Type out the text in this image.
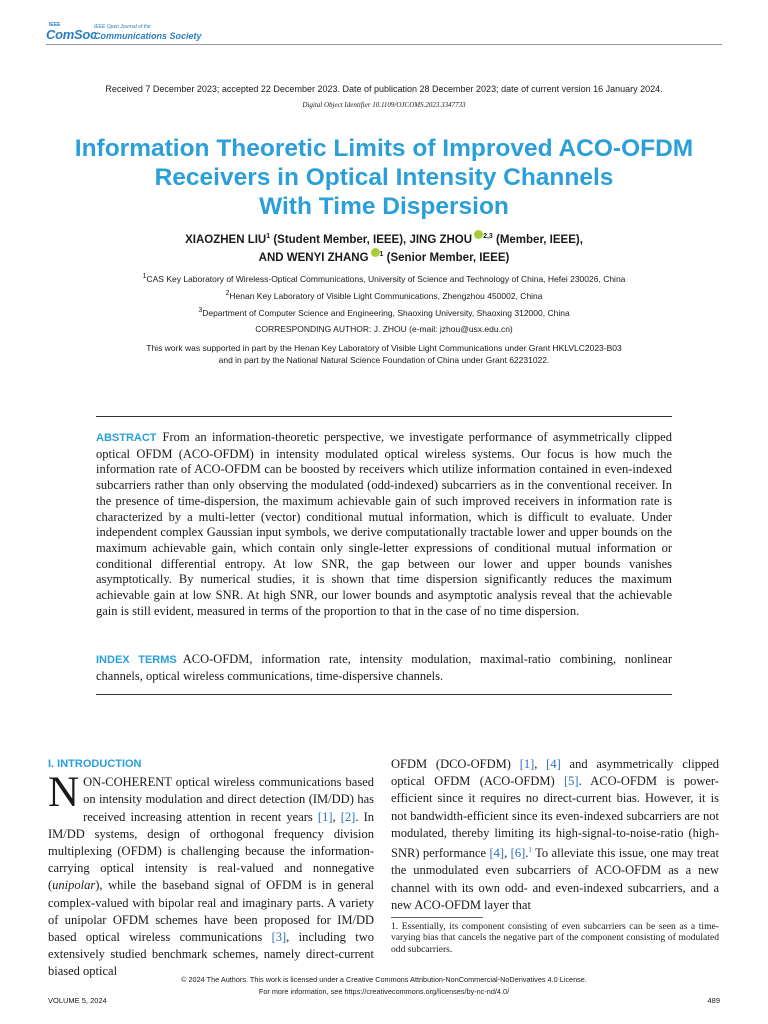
IEEE
ComSoc
IEEE Open Journal of the
Communications Society
Received 7 December 2023; accepted 22 December 2023. Date of publication 28 December 2023; date of current version 16 January 2024.
Digital Object Identifier 10.1109/OJCOMS.2023.3347733
Information Theoretic Limits of Improved ACO-OFDM
Receivers in Optical Intensity Channels
With Time Dispersion
XIAOZHEN LIU$^1$ (Student Member, IEEE), JING ZHOU $^{2,3}$ (Member, IEEE),
AND WENYI ZHANG $^1$ (Senior Member, IEEE)
$^1$CAS Key Laboratory of Wireless-Optical Communications, University of Science and Technology of China, Hefei 230026, China
$^2$Henan Key Laboratory of Visible Light Communications, Zhengzhou 450002, China
$^3$Department of Computer Science and Engineering, Shaoxing University, Shaoxing 312000, China
CORRESPONDING AUTHOR: J. ZHOU (e-mail: jzhou@usx.edu.cn)
This work was supported in part by the Henan Key Laboratory of Visible Light Communications under Grant HKLVLC2023-B03
and in part by the National Natural Science Foundation of China under Grant 62231022.
ABSTRACT From an information-theoretic perspective, we investigate performance of asymmetrically clipped optical OFDM (ACO-OFDM) in intensity modulated optical wireless systems. Our focus is how much the information rate of ACO-OFDM can be boosted by receivers which utilize information contained in even-indexed subcarriers rather than only observing the modulated (odd-indexed) subcarriers as in the conventional receiver. In the presence of time-dispersion, the maximum achievable gain of such improved receivers in information rate is characterized by a multi-letter (vector) conditional mutual information, which is difficult to evaluate. Under independent complex Gaussian input symbols, we derive computationally tractable lower and upper bounds on the maximum achievable gain, which contain only single-letter expressions of conditional mutual information or conditional differential entropy. At low SNR, the gap between our lower and upper bounds vanishes asymptotically. By numerical studies, it is shown that time dispersion significantly reduces the maximum achievable gain at low SNR. At high SNR, our lower bounds and asymptotic analysis reveal that the achievable gain is still evident, measured in terms of the proportion to that in the case of no time dispersion.
INDEX TERMS ACO-OFDM, information rate, intensity modulation, maximal-ratio combining, nonlinear channels, optical wireless communications, time-dispersive channels.
I. INTRODUCTION
N ON-COHERENT optical wireless communications based on intensity modulation and direct detection (IM/DD) has received increasing attention in recent years [1], [2]. In IM/DD systems, design of orthogonal frequency division multiplexing (OFDM) is challenging because the information-carrying optical intensity is real-valued and nonnegative (unipolar), while the baseband signal of OFDM is in general complex-valued with bipolar real and imaginary parts. A variety of unipolar OFDM schemes have been proposed for IM/DD based optical wireless communications [3], including two extensively studied benchmark schemes, namely direct-current biased optical
OFDM (DCO-OFDM) [1], [4] and asymmetrically clipped optical OFDM (ACO-OFDM) [5]. ACO-OFDM is power-efficient since it requires no direct-current bias. However, it is not bandwidth-efficient since its even-indexed subcarriers are not modulated, thereby limiting its high-signal-to-noise-ratio (high-SNR) performance [4], [6].$^1$ To alleviate this issue, one may treat the unmodulated even subcarriers of ACO-OFDM as a new channel with its own odd- and even-indexed subcarriers, and a new ACO-OFDM layer that
1. Essentially, its component consisting of even subcarriers can be seen as a time-varying bias that cancels the negative part of the component consisting of modulated odd subcarriers.
© 2024 The Authors. This work is licensed under a Creative Commons Attribution-NonCommercial-NoDerivatives 4.0 License.
For more information, see https://creativecommons.org/licenses/by-nc-nd/4.0/
VOLUME 5, 2024	489
